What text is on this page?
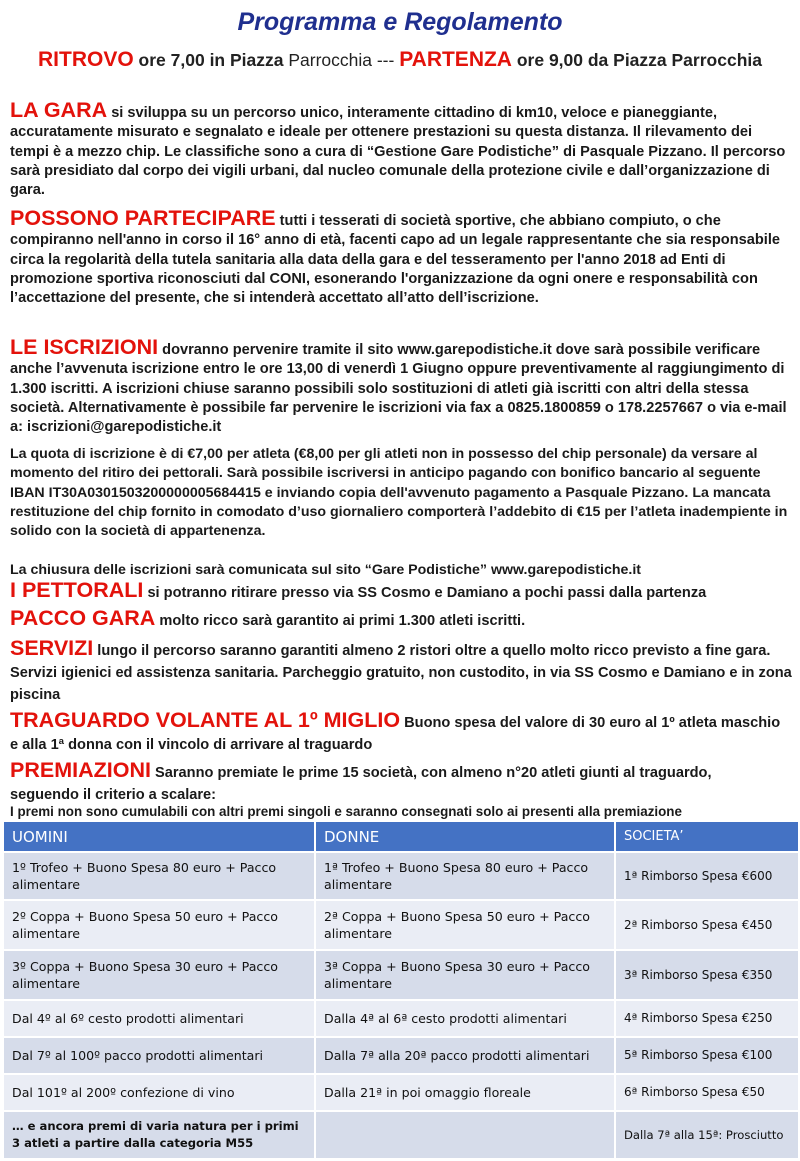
Programma e Regolamento
RITROVO ore 7,00 in Piazza Parrocchia --- PARTENZA ore 9,00 da Piazza Parrocchia
LA GARA si sviluppa su un percorso unico, interamente cittadino di km10, veloce e pianeggiante, accuratamente misurato e segnalato e ideale per ottenere prestazioni su questa distanza. Il rilevamento dei tempi è a mezzo chip. Le classifiche sono a cura di “Gestione Gare Podistiche” di Pasquale Pizzano. Il percorso sarà presidiato dal corpo dei vigili urbani, dal nucleo comunale della protezione civile e dall’organizzazione di gara.
POSSONO PARTECIPARE tutti i tesserati di società sportive, che abbiano compiuto, o che compiranno nell'anno in corso il 16° anno di età, facenti capo ad un legale rappresentante che sia responsabile circa la regolarità della tutela sanitaria alla data della gara e del tesseramento per l'anno 2018 ad Enti di promozione sportiva riconosciuti dal CONI, esonerando l'organizzazione da ogni onere e responsabilità con l’accettazione del presente, che si intenderà accettato all’atto dell’iscrizione.
LE ISCRIZIONI dovranno pervenire tramite il sito www.garepodistiche.it dove sarà possibile verificare anche l’avvenuta iscrizione entro le ore 13,00 di venerdì 1 Giugno oppure preventivamente al raggiungimento di 1.300 iscritti. A iscrizioni chiuse saranno possibili solo sostituzioni di atleti già iscritti con altri della stessa società. Alternativamente è possibile far pervenire le iscrizioni via fax a 0825.1800859 o 178.2257667 o via e-mail a: iscrizioni@garepodistiche.it
La quota di iscrizione è di €7,00 per atleta (€8,00 per gli atleti non in possesso del chip personale) da versare al momento del ritiro dei pettorali. Sarà possibile iscriversi in anticipo pagando con bonifico bancario al seguente IBAN IT30A0301503200000005684415 e inviando copia dell'avvenuto pagamento a Pasquale Pizzano. La mancata restituzione del chip fornito in comodato d’uso giornaliero comporterà l’addebito di €15 per l’atleta inadempiente in solido con la società di appartenenza.
La chiusura delle iscrizioni sarà comunicata sul sito “Gare Podistiche” www.garepodistiche.it
I PETTORALI si potranno ritirare presso via SS Cosmo e Damiano a pochi passi dalla partenza
PACCO GARA molto ricco sarà garantito ai primi 1.300 atleti iscritti.
SERVIZI lungo il percorso saranno garantiti almeno 2 ristori oltre a quello molto ricco previsto a fine gara. Servizi igienici ed assistenza sanitaria. Parcheggio gratuito, non custodito, in via SS Cosmo e Damiano e in zona piscina
TRAGUARDO VOLANTE AL 1º MIGLIO Buono spesa del valore di 30 euro al 1º atleta maschio e alla 1ª donna con il vincolo di arrivare al traguardo
PREMIAZIONI Saranno premiate le prime 15 società, con almeno n°20 atleti giunti al traguardo, seguendo il criterio a scalare:
I premi non sono cumulabili con altri premi singoli e saranno consegnati solo ai presenti alla premiazione
UOMINI	DONNE	SOCIETA’
1º Trofeo + Buono Spesa 80 euro + Pacco alimentare	1ª Trofeo + Buono Spesa 80 euro + Pacco alimentare	1ª Rimborso Spesa €600
2º Coppa + Buono Spesa 50 euro + Pacco alimentare	2ª Coppa + Buono Spesa 50 euro + Pacco alimentare	2ª Rimborso Spesa €450
3º Coppa + Buono Spesa 30 euro + Pacco alimentare	3ª Coppa + Buono Spesa 30 euro + Pacco alimentare	3ª Rimborso Spesa €350
Dal 4º al 6º cesto prodotti alimentari	Dalla 4ª al 6ª cesto prodotti alimentari	4ª Rimborso Spesa €250
Dal 7º al 100º pacco prodotti alimentari	Dalla 7ª alla 20ª pacco prodotti alimentari	5ª Rimborso Spesa €100
Dal 101º al 200º confezione di vino	Dalla 21ª in poi omaggio floreale	6ª Rimborso Spesa €50
… e ancora premi di varia natura per i primi 3 atleti a partire dalla categoria M55		Dalla 7ª alla 15ª: Prosciutto
